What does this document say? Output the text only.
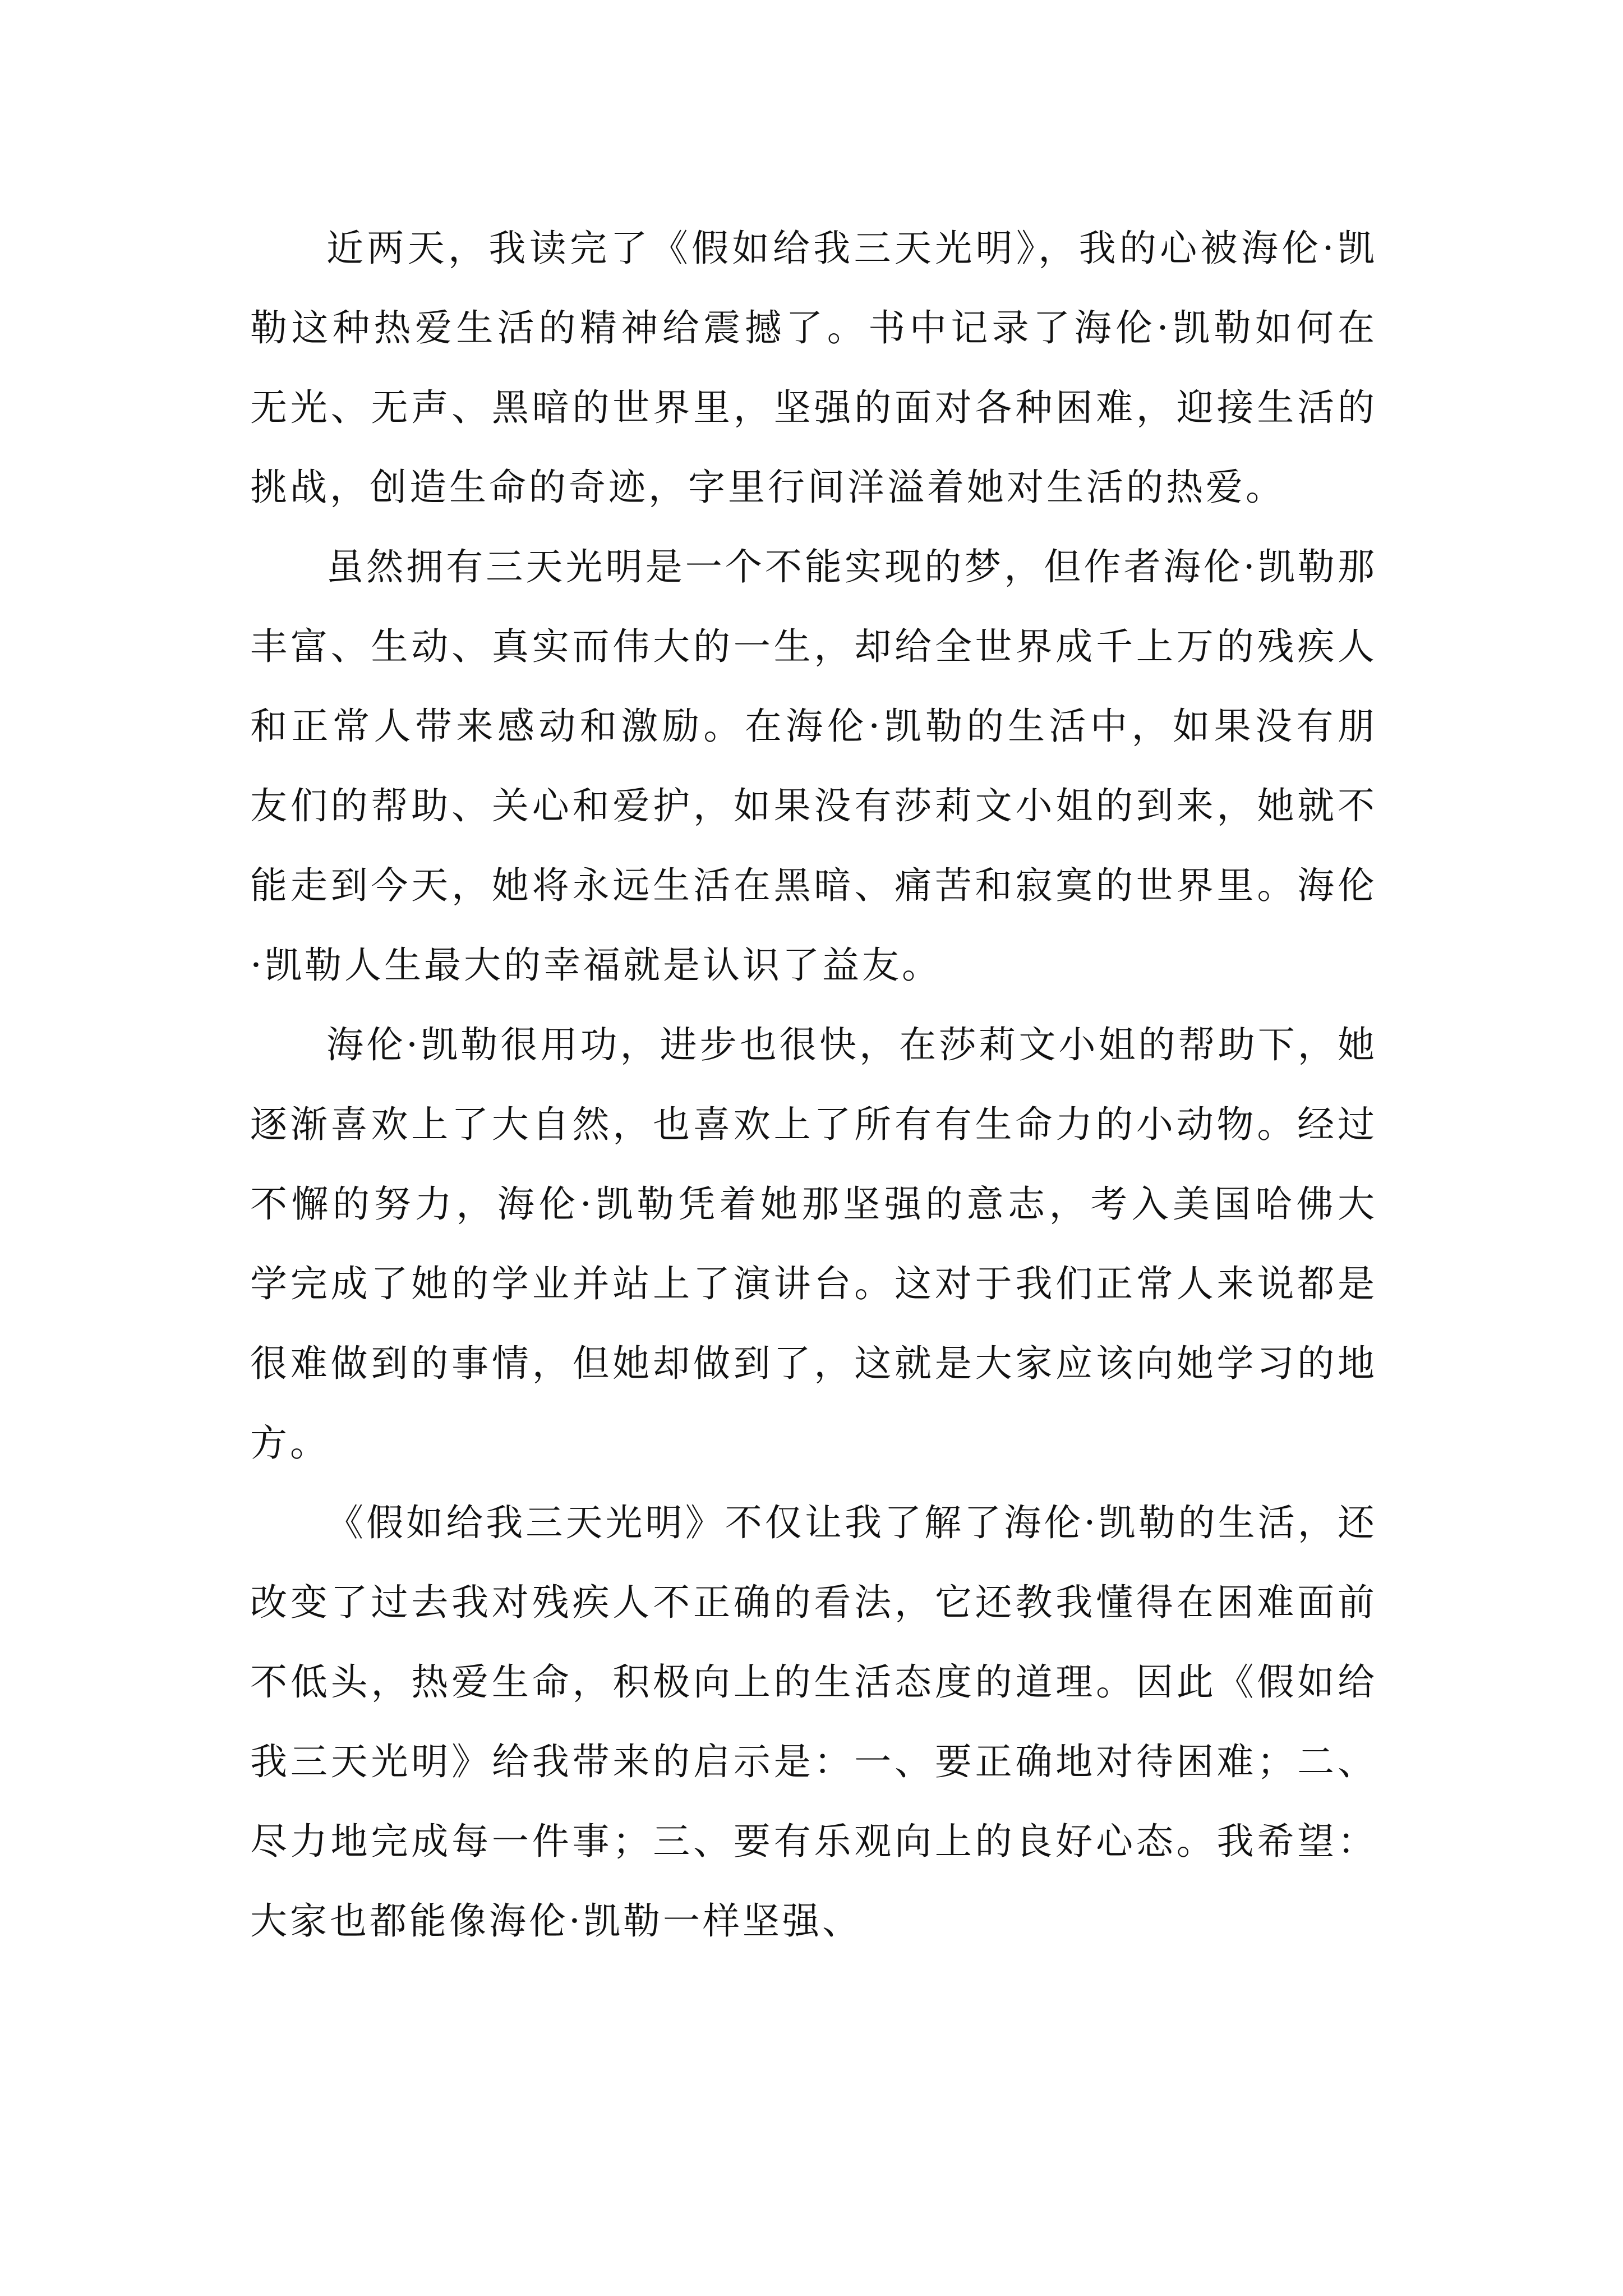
近两天，我读完了《假如给我三天光明》，我的心被海伦·凯勒这种热爱生活的精神给震撼了。书中记录了海伦·凯勒如何在无光、无声、黑暗的世界里，坚强的面对各种困难，迎接生活的挑战，创造生命的奇迹，字里行间洋溢着她对生活的热爱。

虽然拥有三天光明是一个不能实现的梦，但作者海伦·凯勒那丰富、生动、真实而伟大的一生，却给全世界成千上万的残疾人和正常人带来感动和激励。在海伦·凯勒的生活中，如果没有朋友们的帮助、关心和爱护，如果没有莎莉文小姐的到来，她就不能走到今天，她将永远生活在黑暗、痛苦和寂寞的世界里。海伦·凯勒人生最大的幸福就是认识了益友。

海伦·凯勒很用功，进步也很快，在莎莉文小姐的帮助下，她逐渐喜欢上了大自然，也喜欢上了所有有生命力的小动物。经过不懈的努力，海伦·凯勒凭着她那坚强的意志，考入美国哈佛大学完成了她的学业并站上了演讲台。这对于我们正常人来说都是很难做到的事情，但她却做到了，这就是大家应该向她学习的地方。

《假如给我三天光明》不仅让我了解了海伦·凯勒的生活，还改变了过去我对残疾人不正确的看法，它还教我懂得在困难面前不低头，热爱生命，积极向上的生活态度的道理。因此《假如给我三天光明》给我带来的启示是：一、要正确地对待困难；二、尽力地完成每一件事；三、要有乐观向上的良好心态。我希望：大家也都能像海伦·凯勒一样坚强、
